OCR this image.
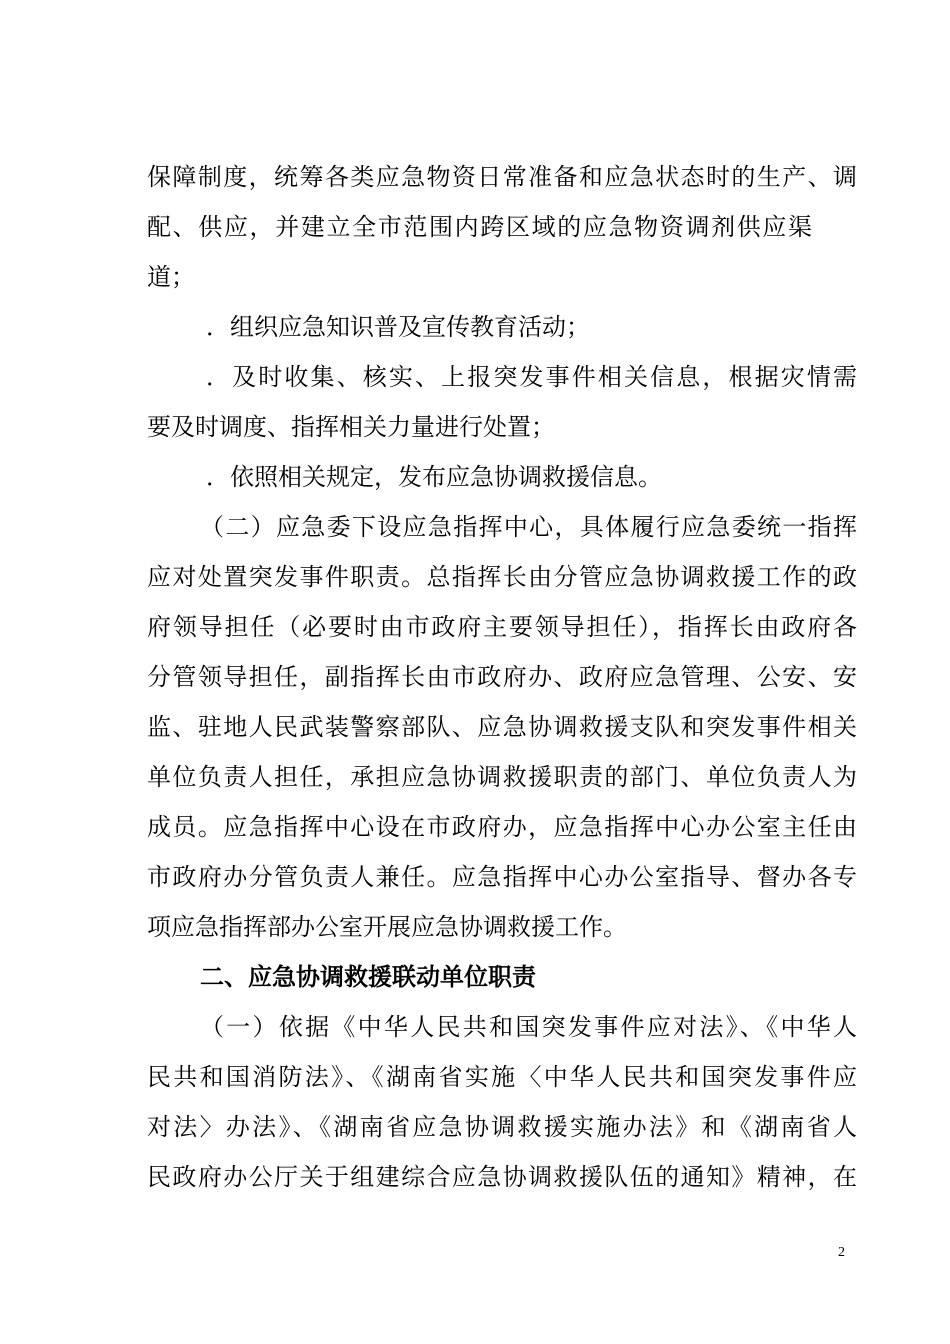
保障制度，统筹各类应急物资日常准备和应急状态时的生产、调
配、供应，并建立全市范围内跨区域的应急物资调剂供应渠
道；
．组织应急知识普及宣传教育活动；
．及时收集、核实、上报突发事件相关信息，根据灾情需
要及时调度、指挥相关力量进行处置；
．依照相关规定，发布应急协调救援信息。
（二）应急委下设应急指挥中心，具体履行应急委统一指挥
应对处置突发事件职责。总指挥长由分管应急协调救援工作的政
府领导担任（必要时由市政府主要领导担任），指挥长由政府各
分管领导担任，副指挥长由市政府办、政府应急管理、公安、安
监、驻地人民武装警察部队、应急协调救援支队和突发事件相关
单位负责人担任，承担应急协调救援职责的部门、单位负责人为
成员。应急指挥中心设在市政府办，应急指挥中心办公室主任由
市政府办分管负责人兼任。应急指挥中心办公室指导、督办各专
项应急指挥部办公室开展应急协调救援工作。
二、应急协调救援联动单位职责
（一）依据《中华人民共和国突发事件应对法》、《中华人
民共和国消防法》、《湖南省实施〈中华人民共和国突发事件应
对法〉办法》、《湖南省应急协调救援实施办法》和《湖南省人
民政府办公厅关于组建综合应急协调救援队伍的通知》精神，在
2
